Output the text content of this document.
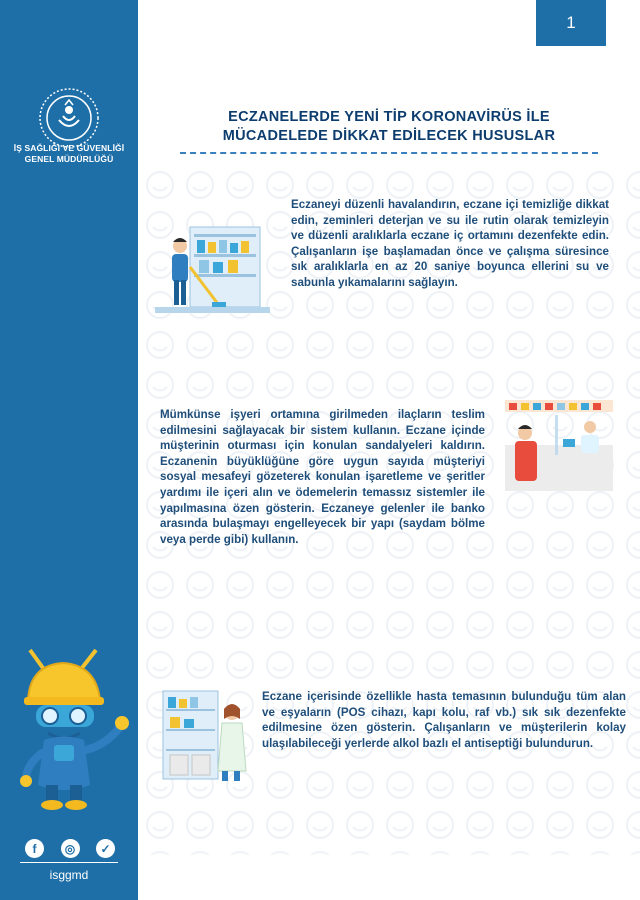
İŞ SAĞLIĞI VE GÜVENLİĞİ
GENEL MÜDÜRLÜĞÜ
f	◎	✓
isggmd
1
ECZANELERDE YENİ TİP KORONAVİRÜS İLE
MÜCADELEDE DİKKAT EDİLECEK HUSUSLAR
Eczaneyi düzenli havalandırın, eczane içi temizliğe dikkat edin, zeminleri deterjan ve su ile rutin olarak temizleyin ve düzenli aralıklarla eczane iç ortamını dezenfekte edin. Çalışanların işe başlamadan önce ve çalışma süresince sık aralıklarla en az 20 saniye boyunca ellerini su ve sabunla yıkamalarını sağlayın.
Mümkünse işyeri ortamına girilmeden ilaçların teslim edilmesini sağlayacak bir sistem kullanın. Eczane içinde müşterinin oturması için konulan sandalyeleri kaldırın. Eczanenin büyüklüğüne göre uygun sayıda müşteriyi sosyal mesafeyi gözeterek konulan işaretleme ve şeritler yardımı ile içeri alın ve ödemelerin temassız sistemler ile yapılmasına özen gösterin. Eczaneye gelenler ile banko arasında bulaşmayı engelleyecek bir yapı (saydam bölme veya perde gibi) kullanın.
Eczane içerisinde özellikle hasta temasının bulunduğu tüm alan ve eşyaların (POS cihazı, kapı kolu, raf vb.) sık sık dezenfekte edilmesine özen gösterin. Çalışanların ve müşterilerin kolay ulaşılabileceği yerlerde alkol bazlı el antiseptiği bulundurun.
